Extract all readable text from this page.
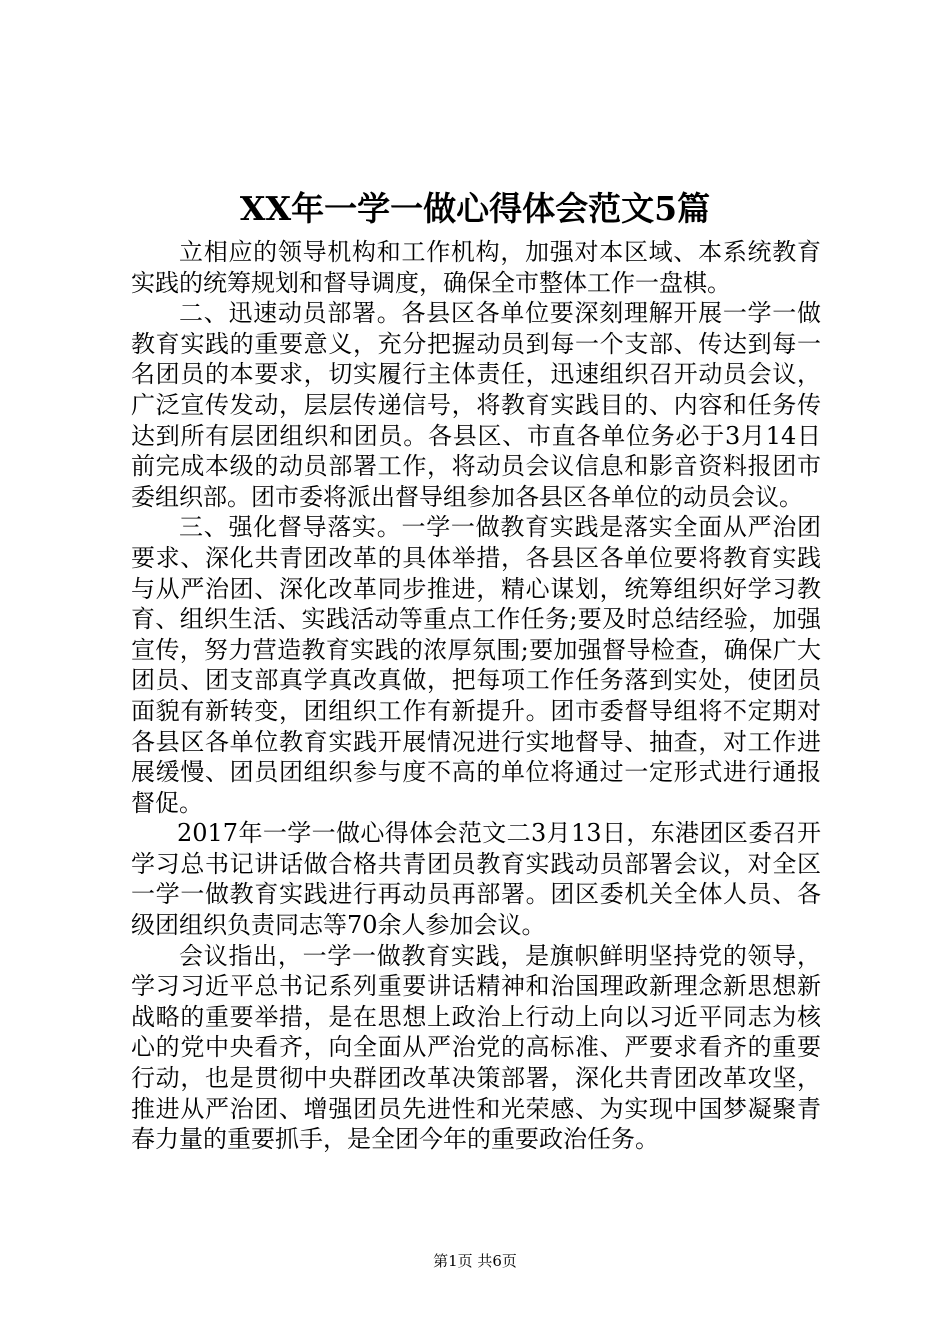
XX年一学一做心得体会范文5篇

立相应的领导机构和工作机构，加强对本区域、本系统教育实践的统筹规划和督导调度，确保全市整体工作一盘棋。

二、迅速动员部署。各县区各单位要深刻理解开展一学一做教育实践的重要意义，充分把握动员到每一个支部、传达到每一名团员的本要求，切实履行主体责任，迅速组织召开动员会议，广泛宣传发动，层层传递信号，将教育实践目的、内容和任务传达到所有层团组织和团员。各县区、市直各单位务必于3月14日前完成本级的动员部署工作，将动员会议信息和影音资料报团市委组织部。团市委将派出督导组参加各县区各单位的动员会议。

三、强化督导落实。一学一做教育实践是落实全面从严治团要求、深化共青团改革的具体举措，各县区各单位要将教育实践与从严治团、深化改革同步推进，精心谋划，统筹组织好学习教育、组织生活、实践活动等重点工作任务;要及时总结经验，加强宣传，努力营造教育实践的浓厚氛围;要加强督导检查，确保广大团员、团支部真学真改真做，把每项工作任务落到实处，使团员面貌有新转变，团组织工作有新提升。团市委督导组将不定期对各县区各单位教育实践开展情况进行实地督导、抽查，对工作进展缓慢、团员团组织参与度不高的单位将通过一定形式进行通报督促。

2017年一学一做心得体会范文二3月13日，东港团区委召开学习总书记讲话做合格共青团员教育实践动员部署会议，对全区一学一做教育实践进行再动员再部署。团区委机关全体人员、各级团组织负责同志等70余人参加会议。

会议指出，一学一做教育实践，是旗帜鲜明坚持党的领导，学习习近平总书记系列重要讲话精神和治国理政新理念新思想新战略的重要举措，是在思想上政治上行动上向以习近平同志为核心的党中央看齐，向全面从严治党的高标准、严要求看齐的重要行动，也是贯彻中央群团改革决策部署，深化共青团改革攻坚，推进从严治团、增强团员先进性和光荣感、为实现中国梦凝聚青春力量的重要抓手，是全团今年的重要政治任务。

第1页 共6页
